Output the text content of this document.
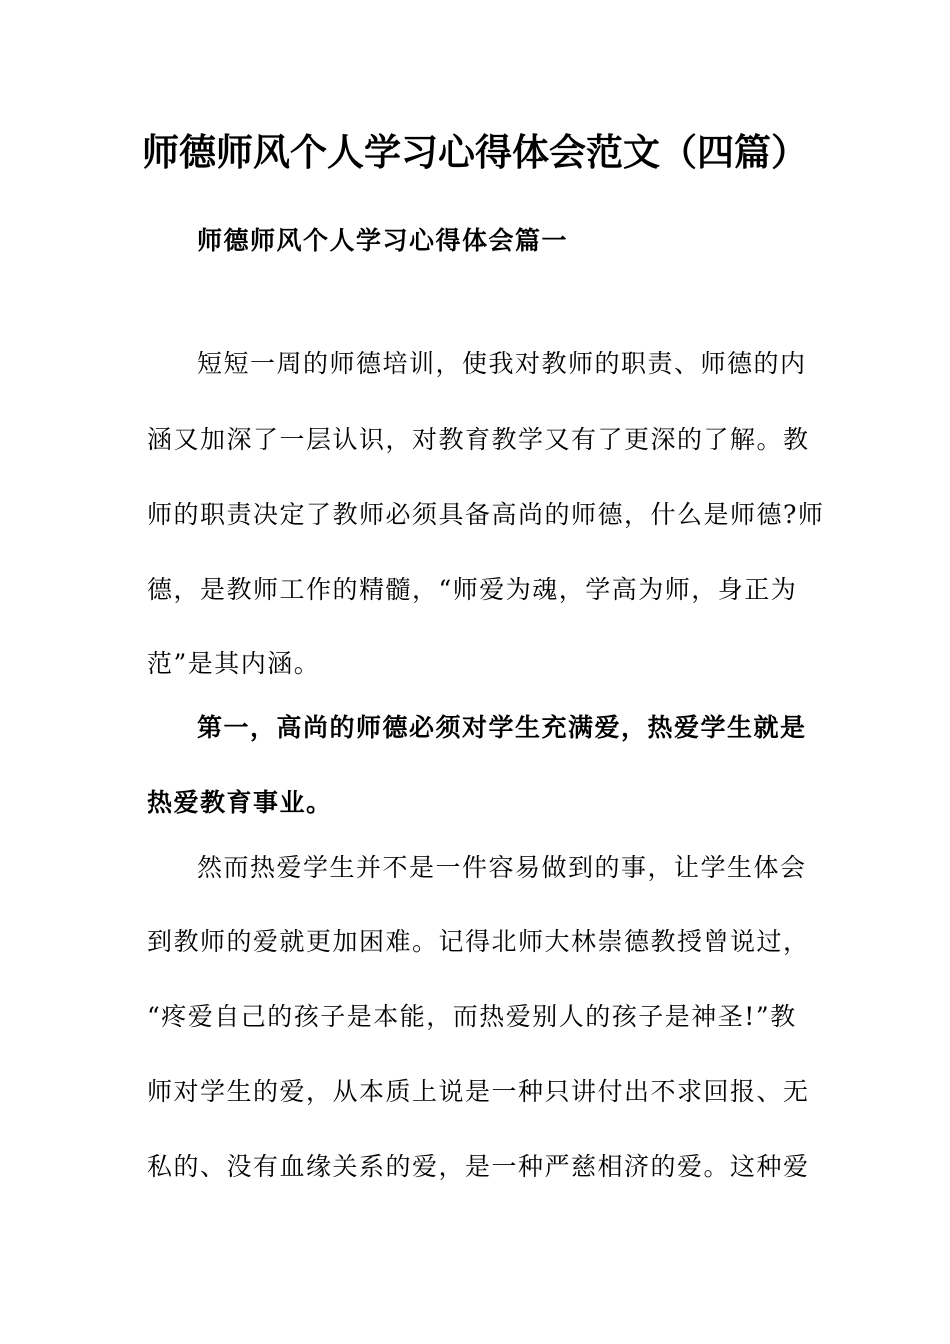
师德师风个人学习心得体会范文（四篇）
师德师风个人学习心得体会篇一
短短一周的师德培训，使我对教师的职责、师德的内
涵又加深了一层认识，对教育教学又有了更深的了解。教
师的职责决定了教师必须具备高尚的师德，什么是师德?师
德，是教师工作的精髓，“师爱为魂，学高为师，身正为
范”是其内涵。
第一，高尚的师德必须对学生充满爱，热爱学生就是
热爱教育事业。
然而热爱学生并不是一件容易做到的事，让学生体会
到教师的爱就更加困难。记得北师大林崇德教授曾说过，
“疼爱自己的孩子是本能，而热爱别人的孩子是神圣!”教
师对学生的爱，从本质上说是一种只讲付出不求回报、无
私的、没有血缘关系的爱，是一种严慈相济的爱。这种爱
